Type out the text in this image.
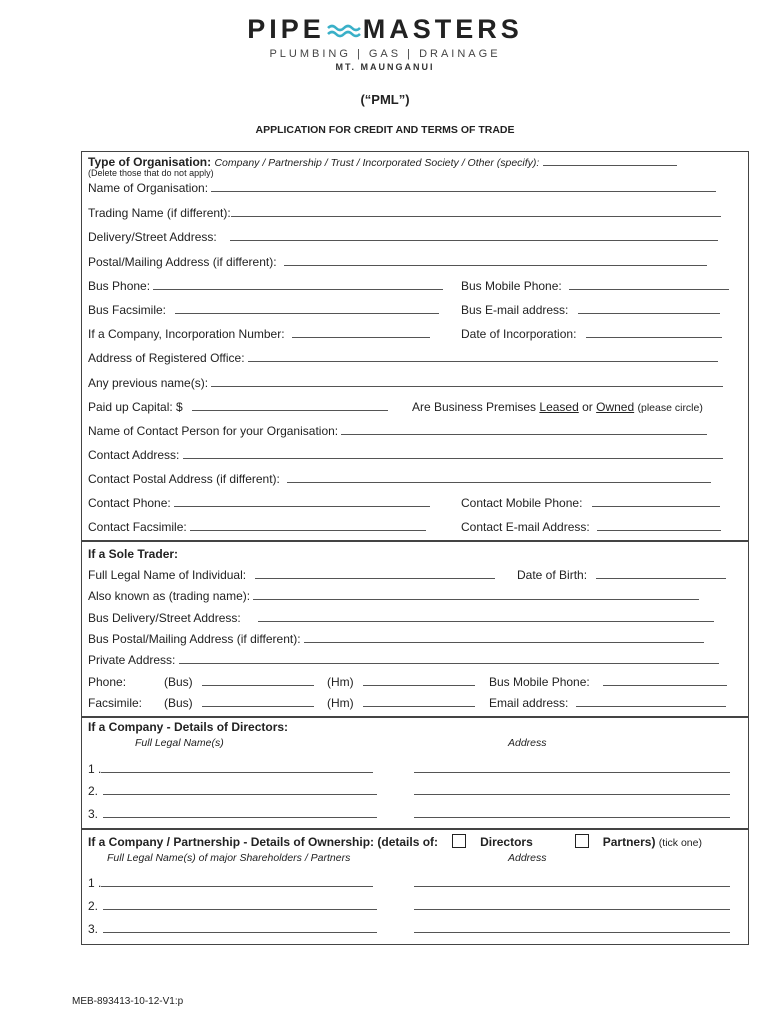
PIPE MASTERS
PLUMBING | GAS | DRAINAGE
MT. MAUNGANUI
(“PML”)
APPLICATION FOR CREDIT AND TERMS OF TRADE
Type of Organisation: Company / Partnership / Trust / Incorporated Society / Other (specify):
(Delete those that do not apply)
Name of Organisation:
Trading Name (if different):
Delivery/Street Address:
Postal/Mailing Address (if different):
Bus Phone:	Bus Mobile Phone:
Bus Facsimile:	Bus E-mail address:
If a Company, Incorporation Number:	Date of Incorporation:
Address of Registered Office:
Any previous name(s):
Paid up Capital: $	Are Business Premises Leased or Owned (please circle)
Name of Contact Person for your Organisation:
Contact Address:
Contact Postal Address (if different):
Contact Phone:	Contact Mobile Phone:
Contact Facsimile:	Contact E-mail Address:
If a Sole Trader:
Full Legal Name of Individual:	Date of Birth:
Also known as (trading name):
Bus Delivery/Street Address:
Bus Postal/Mailing Address (if different):
Private Address:
Phone:	(Bus)	(Hm)	Bus Mobile Phone:
Facsimile: (Bus)	(Hm)	Email address:
If a Company - Details of Directors:
Full Legal Name(s)	Address
1 .
2.
3.
If a Company / Partnership - Details of Ownership: (details of:	Directors	Partners) (tick one)
Full Legal Name(s) of major Shareholders / Partners	Address
1 .
2.
3.
MEB-893413-10-12-V1:p
